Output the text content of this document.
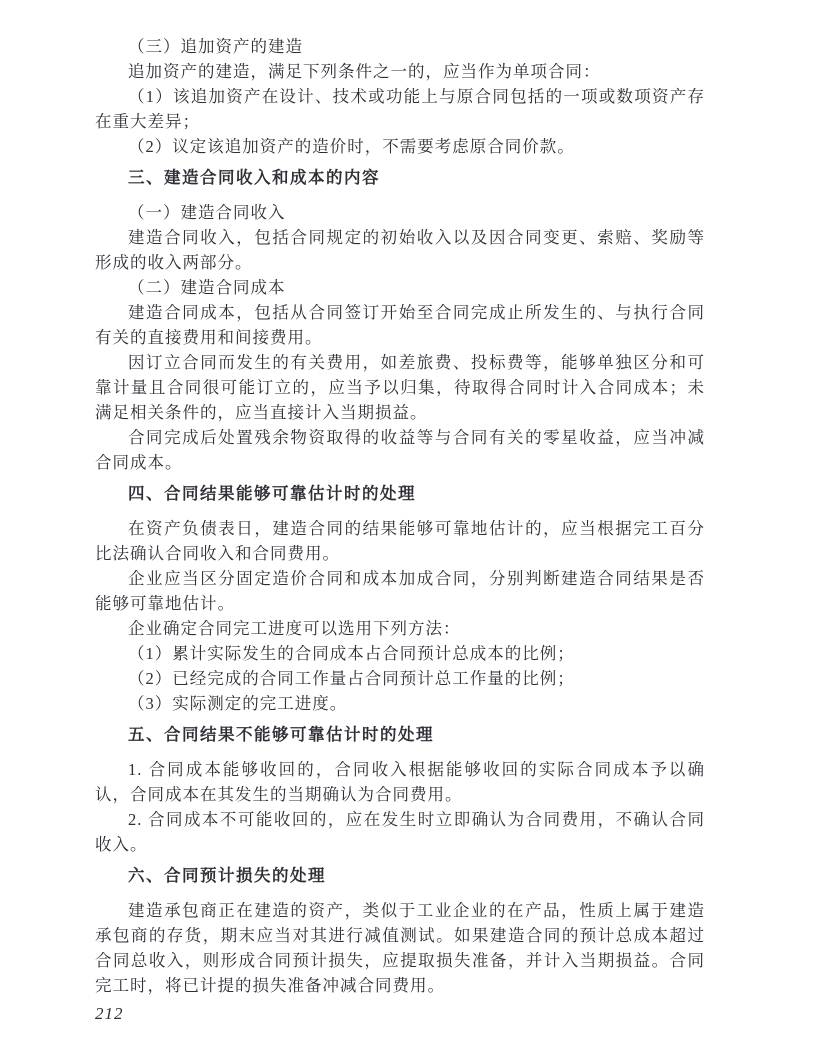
（三）追加资产的建造

追加资产的建造，满足下列条件之一的，应当作为单项合同：

（1）该追加资产在设计、技术或功能上与原合同包括的一项或数项资产存在重大差异；

（2）议定该追加资产的造价时，不需要考虑原合同价款。

三、建造合同收入和成本的内容

（一）建造合同收入

建造合同收入，包括合同规定的初始收入以及因合同变更、索赔、奖励等形成的收入两部分。

（二）建造合同成本

建造合同成本，包括从合同签订开始至合同完成止所发生的、与执行合同有关的直接费用和间接费用。

因订立合同而发生的有关费用，如差旅费、投标费等，能够单独区分和可靠计量且合同很可能订立的，应当予以归集，待取得合同时计入合同成本；未满足相关条件的，应当直接计入当期损益。

合同完成后处置残余物资取得的收益等与合同有关的零星收益，应当冲减合同成本。

四、合同结果能够可靠估计时的处理

在资产负债表日，建造合同的结果能够可靠地估计的，应当根据完工百分比法确认合同收入和合同费用。

企业应当区分固定造价合同和成本加成合同，分别判断建造合同结果是否能够可靠地估计。

企业确定合同完工进度可以选用下列方法：

（1）累计实际发生的合同成本占合同预计总成本的比例；

（2）已经完成的合同工作量占合同预计总工作量的比例；

（3）实际测定的完工进度。

五、合同结果不能够可靠估计时的处理

1. 合同成本能够收回的，合同收入根据能够收回的实际合同成本予以确认，合同成本在其发生的当期确认为合同费用。

2. 合同成本不可能收回的，应在发生时立即确认为合同费用，不确认合同收入。

六、合同预计损失的处理

建造承包商正在建造的资产，类似于工业企业的在产品，性质上属于建造承包商的存货，期末应当对其进行减值测试。如果建造合同的预计总成本超过合同总收入，则形成合同预计损失，应提取损失准备，并计入当期损益。合同完工时，将已计提的损失准备冲减合同费用。

212
